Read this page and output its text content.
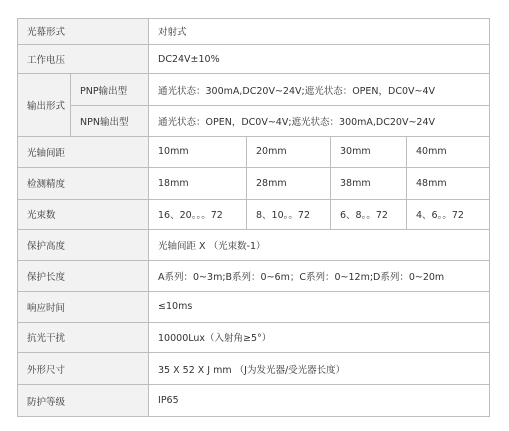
光幕形式		对射式			
工作电压		DC24V±10%			
输出形式	PNP输出型	通光状态：300mA,DC20V~24V;遮光状态：OPEN，DC0V~4V			
	NPN输出型	通光状态：OPEN，DC0V~4V;遮光状态：300mA,DC20V~24V			
光轴间距		10mm	20mm	30mm	40mm
检测精度		18mm	28mm	38mm	48mm
光束数		16、20。。。72	8、10。。72	6、8。。72	4、6。。72
保护高度		光轴间距 X （光束数-1）			
保护长度		A系列：0~3m;B系列：0~6m；C系列：0~12m;D系列：0~20m			
响应时间		≤10ms			
抗光干扰		10000Lux（入射角≥5°）			
外形尺寸		35 X 52 X J mm （J为发光器/受光器长度）			
防护等级		IP65			
